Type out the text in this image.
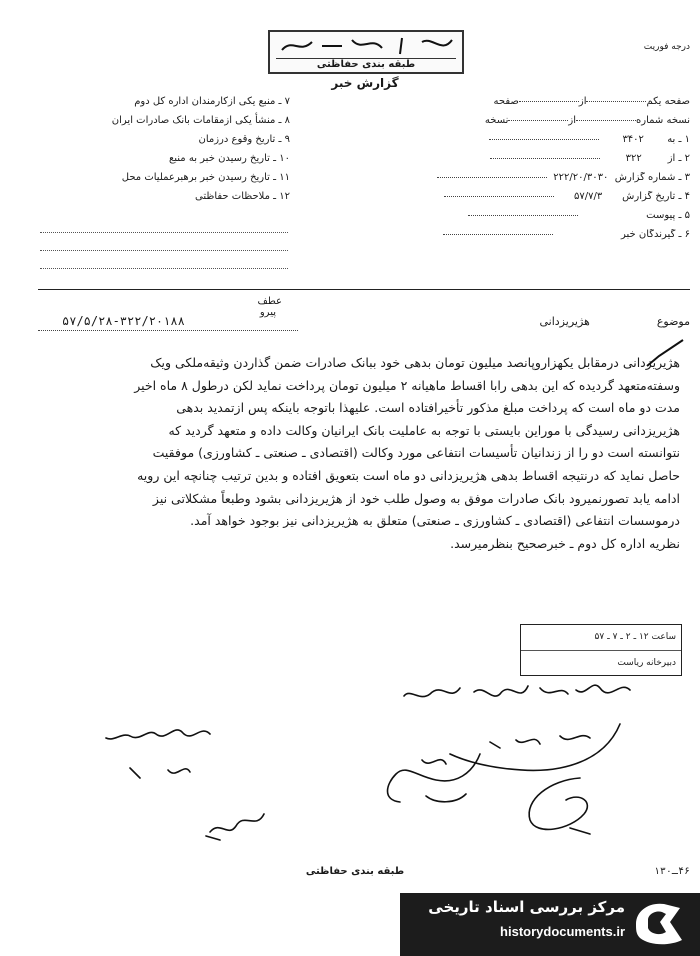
طبقه بندی حفاظتی
درجه فوریت
گزارش خبر
صفحه یکمازصفحه
نسخه شمارهازنسخه
۱ ـ به۳۴۰۲
۲ ـ از۳۲۲
۳ ـ شماره گزارش۲۲۲/۲۰/۳۰۳۰
۴ ـ تاریخ گزارش۵۷/۷/۳
۵ ـ پیوست
۶ ـ گیرندگان خبر
۷ ـ منبع یکی ازکارمندان اداره کل دوم
۸ ـ منشأ یکی ازمقامات بانک صادرات ایران
۹ ـ تاریخ وقوع درزمان
۱۰ ـ تاریخ رسیدن خبر به منبع
۱۱ ـ تاریخ رسیدن خبر برهبرعملیات محل
۱۲ ـ ملاحظات حفاظتی
عطف
پیرو
۵۷/۵/۲۸-۳۲۲/۲۰۱۸۸	موضوع  هژیریزدانی

هژیریزدانی درمقابل یکهزاروپانصد میلیون تومان بدهی خود ببانک صادرات ضمن گذاردن وثیقه‌ملکی ویک

وسفته‌متعهد گردیده که این بدهی رابا اقساط ماهیانه ۲ میلیون تومان پرداخت نماید لکن درطول ۸ ماه اخیر

مدت دو ماه است که پرداخت مبلغ مذکور تأخیرافتاده است. علیهذا باتوجه باینکه پس ازتمدید بدهی

هژیریزدانی رسیدگی با موراین بایستی با توجه به عاملیت بانک ایرانیان وکالت داده و متعهد گردید که

نتوانسته است دو را از زندانیان تأسیسات انتفاعی مورد وکالت (اقتصادی ـ صنعتی ـ کشاورزی) موفقیت

حاصل نماید که درنتیجه اقساط بدهی هژیریزدانی دو ماه است بتعویق افتاده و بدین ترتیب چنانچه این رویه

ادامه یابد تصورنمیرود بانک صادرات موفق به وصول طلب خود از هژیریزدانی بشود وطبعاً مشکلاتی نیز

درموسسات انتفاعی (اقتصادی ـ کشاورزی ـ صنعتی) متعلق به هژیریزدانی نیز بوجود خواهد آمد.

نظریه اداره کل دوم ـ خبرصحیح بنظرمیرسد.

ساعت ۱۲ ـ ۲ ـ ۷ ـ ۵۷
دبیرخانه ریاست
طبقه بندی حفاظتی	۴۶ـ۱۳۰
مرکز بررسی اسناد تاریخی
historydocuments.ir
